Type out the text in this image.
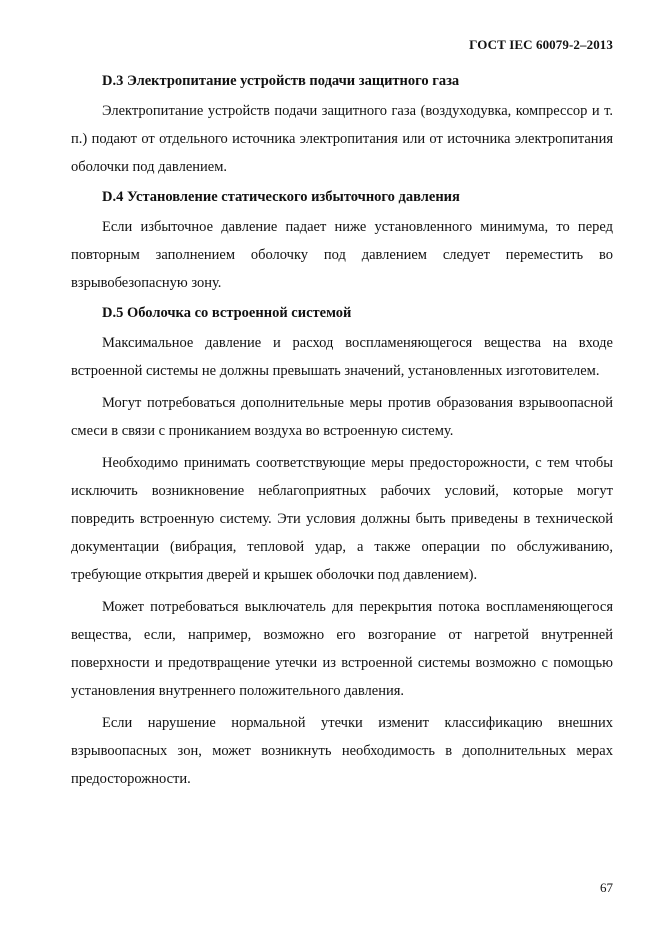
ГОСТ IEC 60079-2–2013
D.3 Электропитание устройств подачи защитного газа

Электропитание устройств подачи защитного газа (воздуходувка, компрессор и т. п.) подают от отдельного источника электропитания или от источника электропитания оболочки под давлением.

D.4 Установление статического избыточного давления

Если избыточное давление падает ниже установленного минимума, то перед повторным заполнением оболочку под давлением следует переместить во взрывобезопасную зону.

D.5 Оболочка со встроенной системой

Максимальное давление и расход воспламеняющегося вещества на входе встроенной системы не должны превышать значений, установленных изготовителем.

Могут потребоваться дополнительные меры против образования взрывоопасной смеси в связи с прониканием воздуха во встроенную систему.

Необходимо принимать соответствующие меры предосторожности, с тем чтобы исключить возникновение неблагоприятных рабочих условий, которые могут повредить встроенную систему. Эти условия должны быть приведены в технической документации (вибрация, тепловой удар, а также операции по обслуживанию, требующие открытия дверей и крышек оболочки под давлением).

Может потребоваться выключатель для перекрытия потока воспламеняющегося вещества, если, например, возможно его возгорание от нагретой внутренней поверхности и предотвращение утечки из встроенной системы возможно с помощью установления внутреннего положительного давления.

Если нарушение нормальной утечки изменит классификацию внешних взрывоопасных зон, может возникнуть необходимость в дополнительных мерах предосторожности.

67
